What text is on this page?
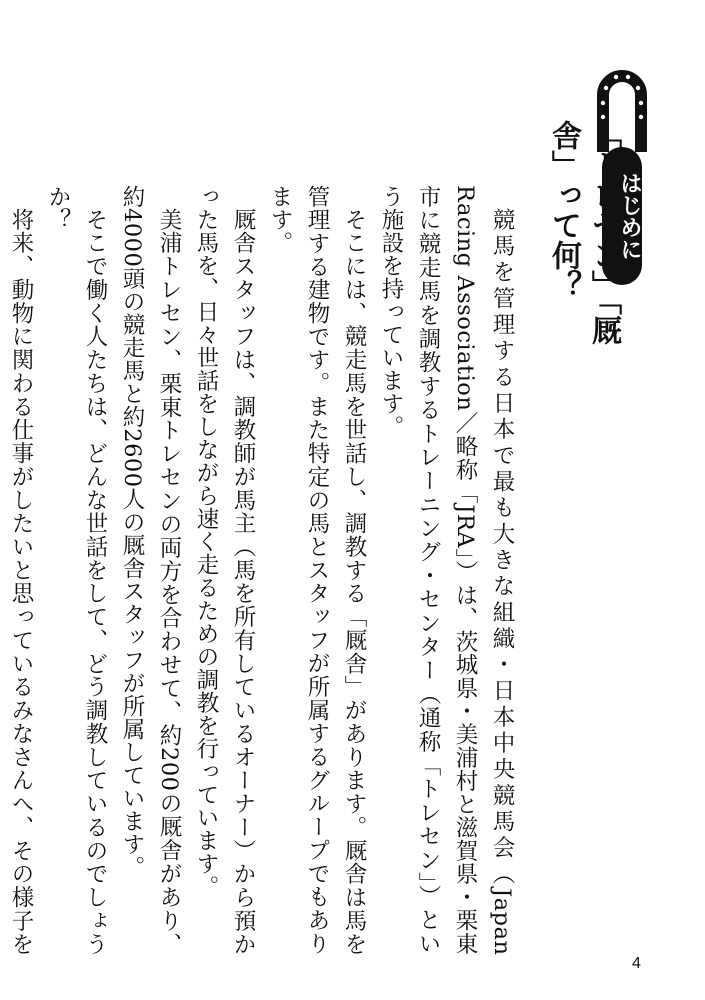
はじめに
「トレセン」「厩舎」って何？

競馬を管理する日本で最も大きな組織・日本中央競馬会（Japan Racing Association／略称「JRA」）は、茨城県・美浦村と滋賀県・栗東市に競走馬を調教するトレーニング・センター（通称「トレセン」）という施設を持っています。

そこには、競走馬を世話し、調教する「厩舎」があります。厩舎は馬を管理する建物です。また特定の馬とスタッフが所属するグループでもあります。

厩舎スタッフは、調教師が馬主（馬を所有しているオーナー）から預かった馬を、日々世話をしながら速く走るための調教を行っています。

美浦トレセン、栗東トレセンの両方を合わせて、約200の厩舎があり、約4000頭の競走馬と約2600人の厩舎スタッフが所属しています。

そこで働く人たちは、どんな世話をして、どう調教しているのでしょうか？

将来、動物に関わる仕事がしたいと思っているみなさんへ、その様子を

4
